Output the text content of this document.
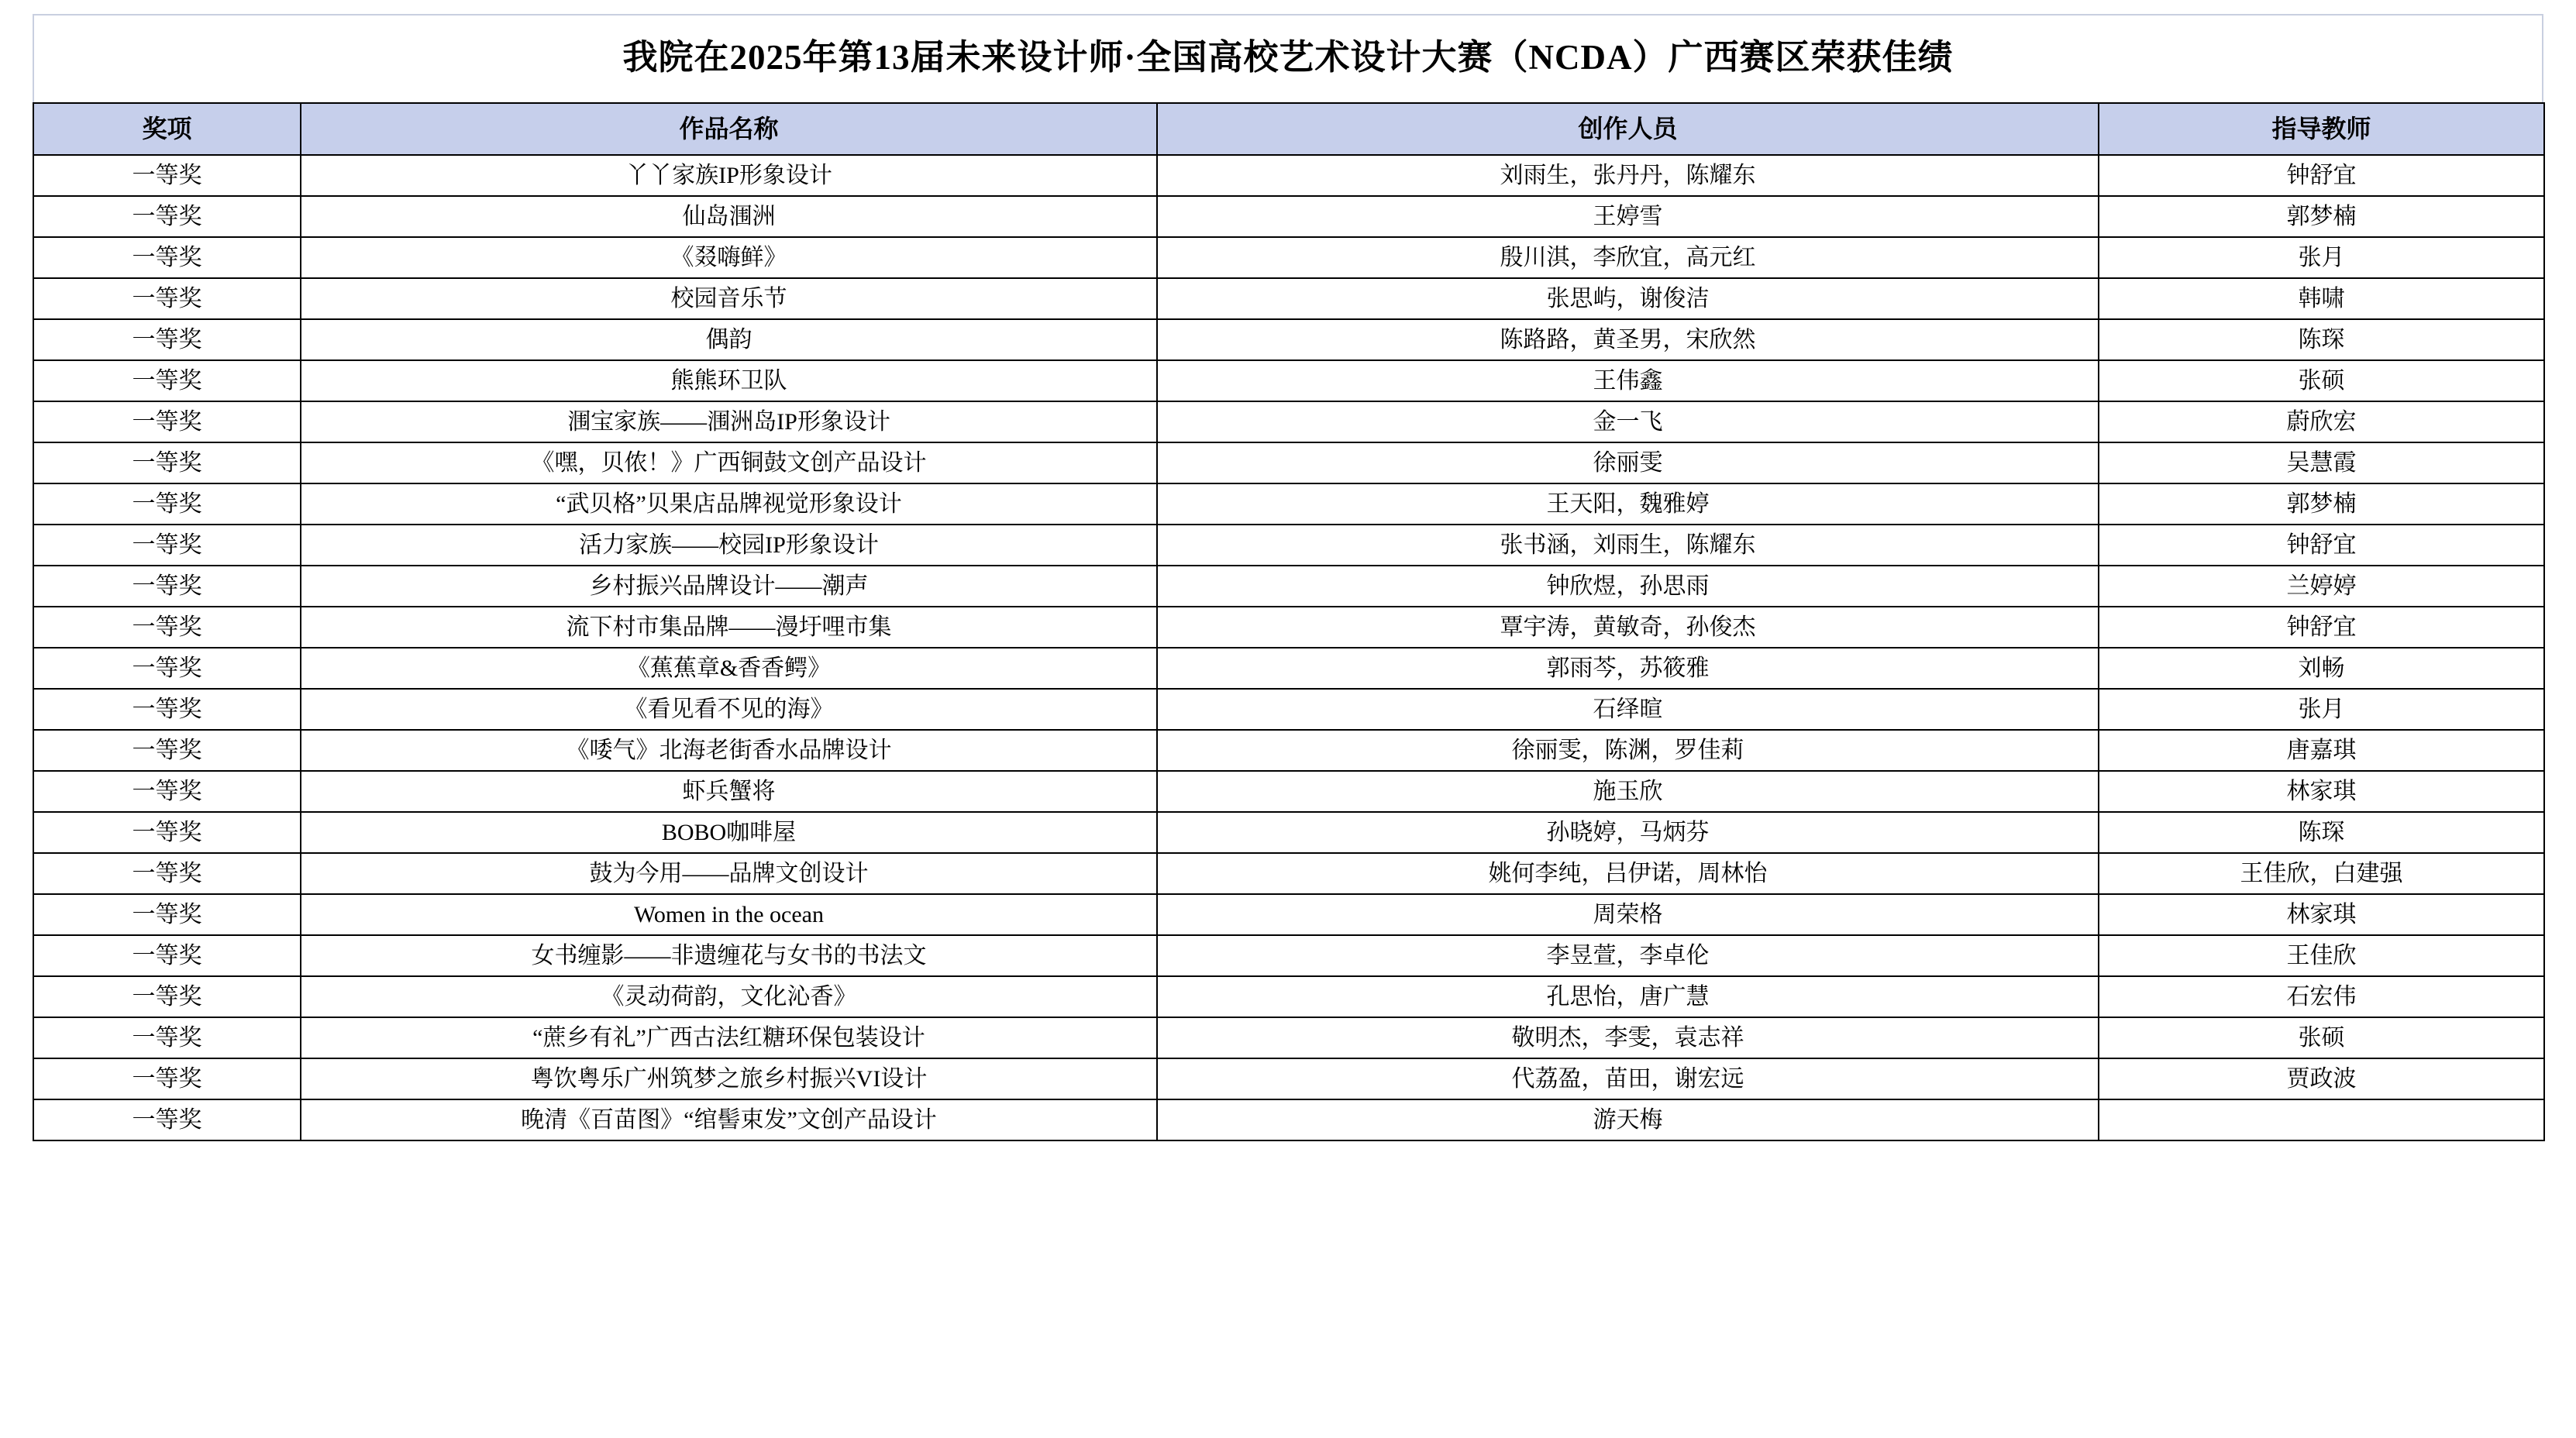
我院在2025年第13届未来设计师·全国高校艺术设计大赛（NCDA）广西赛区荣获佳绩
奖项	作品名称	创作人员	指导教师
一等奖	丫丫家族IP形象设计	刘雨生，张丹丹，陈耀东	钟舒宜
一等奖	仙岛涠洲	王婷雪	郭梦楠
一等奖	《叕嗨鲜》	殷川淇，李欣宜，高元红	张月
一等奖	校园音乐节	张思屿，谢俊洁	韩啸
一等奖	偶韵	陈路路，黄圣男，宋欣然	陈琛
一等奖	熊熊环卫队	王伟鑫	张硕
一等奖	涠宝家族——涠洲岛IP形象设计	金一飞	蔚欣宏
一等奖	《嘿，贝侬！》广西铜鼓文创产品设计	徐丽雯	吴慧霞
一等奖	“武贝格”贝果店品牌视觉形象设计	王天阳，魏雅婷	郭梦楠
一等奖	活力家族——校园IP形象设计	张书涵，刘雨生，陈耀东	钟舒宜
一等奖	乡村振兴品牌设计——潮声	钟欣煜，孙思雨	兰婷婷
一等奖	流下村市集品牌——漫圩哩市集	覃宇涛，黄敏奇，孙俊杰	钟舒宜
一等奖	《蕉蕉章&香香鳄》	郭雨芩，苏筱雅	刘畅
一等奖	《看见看不见的海》	石绎暄	张月
一等奖	《唩气》北海老街香水品牌设计	徐丽雯，陈渊，罗佳莉	唐嘉琪
一等奖	虾兵蟹将	施玉欣	林家琪
一等奖	BOBO咖啡屋	孙晓婷，马炳芬	陈琛
一等奖	鼓为今用——品牌文创设计	姚何李纯，吕伊诺，周林怡	王佳欣，白建强
一等奖	Women in the ocean	周荣格	林家琪
一等奖	女书缠影——非遗缠花与女书的书法文	李昱萱，李卓伦	王佳欣
一等奖	《灵动荷韵，文化沁香》	孔思怡，唐广慧	石宏伟
一等奖	“蔗乡有礼”广西古法红糖环保包装设计	敬明杰，李雯，袁志祥	张硕
一等奖	粤饮粤乐广州筑梦之旅乡村振兴VI设计	代荔盈，苗田，谢宏远	贾政波
一等奖	晚清《百苗图》“绾髻束发”文创产品设计	游天梅	
